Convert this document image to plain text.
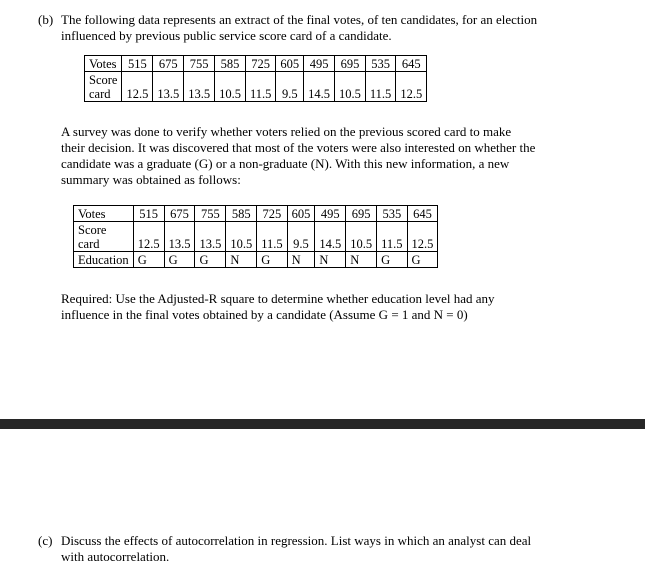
(b) The following data represents an extract of the final votes, of ten candidates, for an election
influenced by previous public service score card of a candidate.

Votes	515	675	755	585	725	605	495	695	535	645
Score
card	12.5	13.5	13.5	10.5	11.5	9.5	14.5	10.5	11.5	12.5

A survey was done to verify whether voters relied on the previous scored card to make
their decision. It was discovered that most of the voters were also interested on whether the
candidate was a graduate (G) or a non-graduate (N). With this new information, a new
summary was obtained as follows:

Votes	515	675	755	585	725	605	495	695	535	645
Score
card	12.5	13.5	13.5	10.5	11.5	9.5	14.5	10.5	11.5	12.5
Education	G	G	G	N	G	N	N	N	G	G

Required: Use the Adjusted-R square to determine whether education level had any
influence in the final votes obtained by a candidate (Assume G = 1 and N = 0)

(c) Discuss the effects of autocorrelation in regression. List ways in which an analyst can deal
with autocorrelation.
